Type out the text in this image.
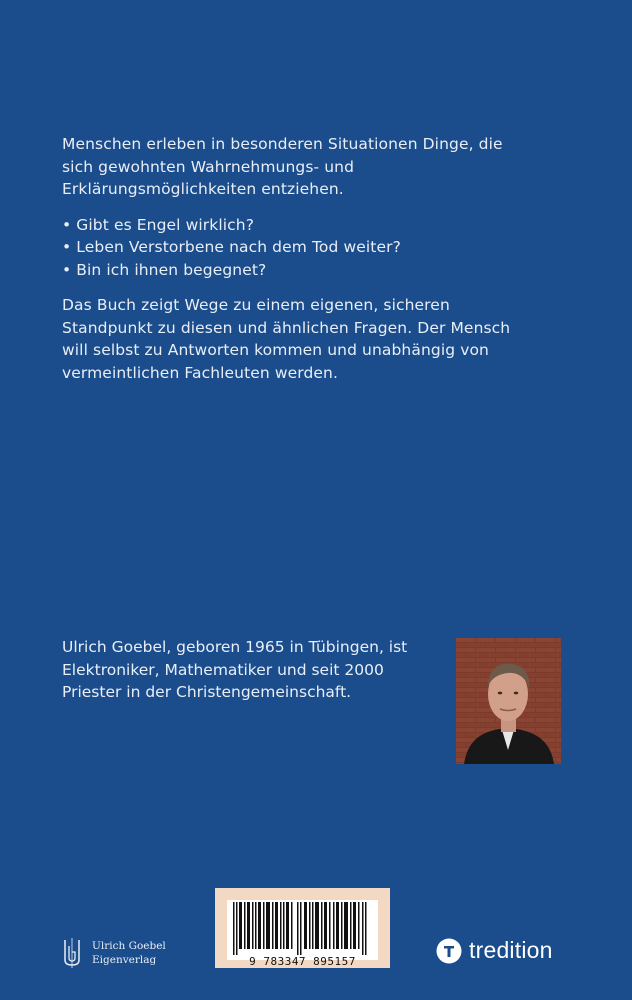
Menschen erleben in besonderen Situationen Dinge, die sich gewohnten Wahrnehmungs- und Erklärungsmöglichkeiten entziehen.

• Gibt es Engel wirklich?
• Leben Verstorbene nach dem Tod weiter?
• Bin ich ihnen begegnet?

Das Buch zeigt Wege zu einem eigenen, sicheren Standpunkt zu diesen und ähnlichen Fragen. Der Mensch will selbst zu Antworten kommen und unabhängig von vermeintlichen Fachleuten werden.

Ulrich Goebel, geboren 1965 in Tübingen, ist Elektroniker, Mathematiker und seit 2000 Priester in der Christengemeinschaft.
9 783347 895157
Ulrich Goebel
Eigenverlag	tredition
